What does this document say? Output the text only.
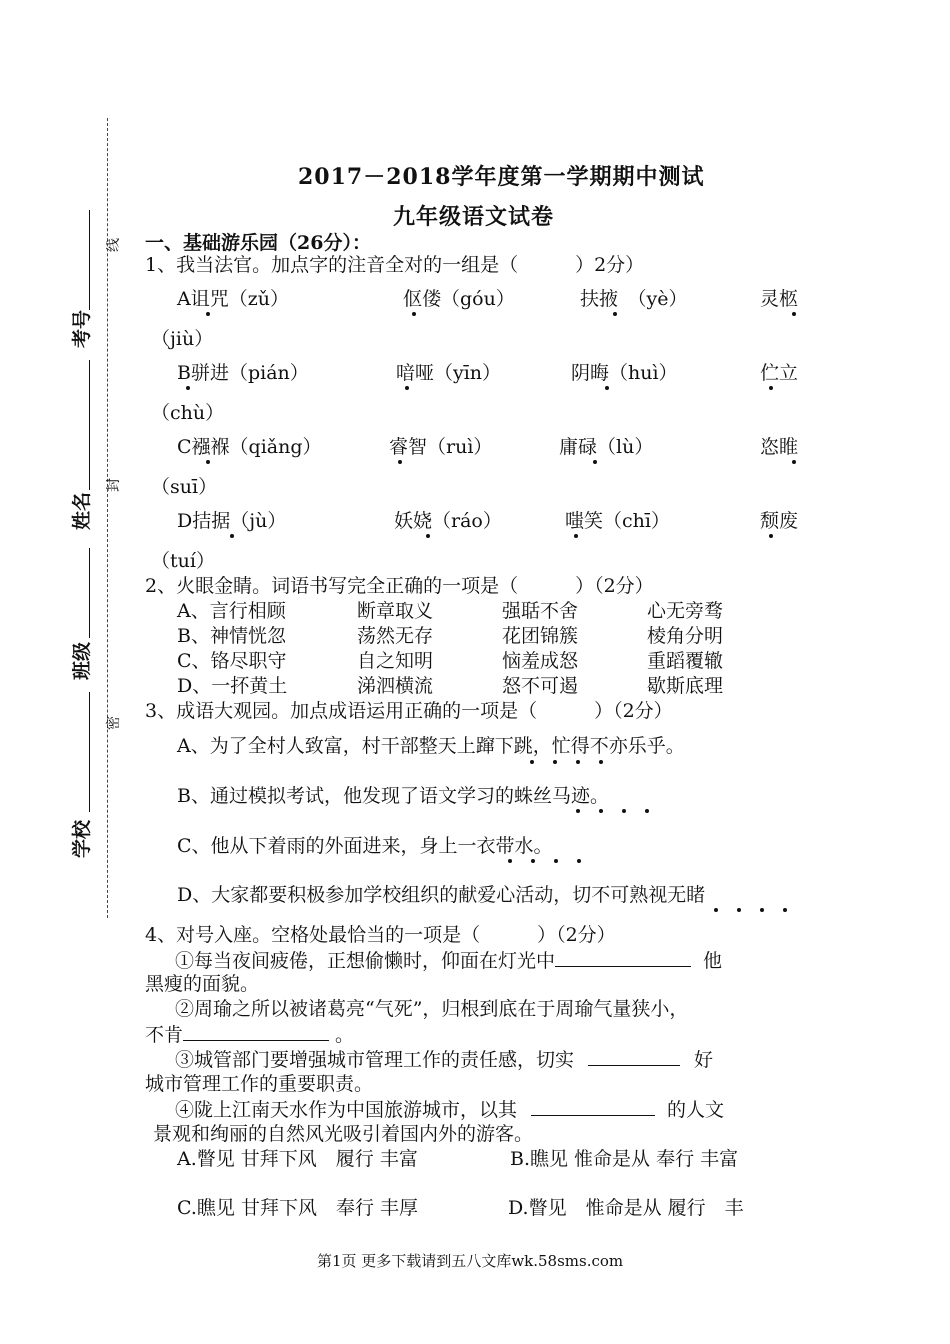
线
封
密
考号
姓名
班级
学校
2017－2018学年度第一学期期中测试
九年级语文试卷
一、基础游乐园（26分）：
1、我当法官。加点字的注音全对的一组是（　　　）2分）
A诅咒（zǔ）	伛偻（góu）	扶掖　（yè）	灵柩
（jiù）
B骈进（pián）	喑哑（yīn）	阴晦（huì）	伫立
（chù）
C襁褓（qiǎng）	睿智（ruì）	庸碌（lù）	恣睢
（suī）
D拮据（jù）	妖娆（ráo）	嗤笑（chī）	颓废
（tuí）
2、火眼金睛。词语书写完全正确的一项是（　　　）（2分）
A、言行相顾	断章取义	强聒不舍	心无旁骛
B、神情恍忽	荡然无存	花团锦簇	棱角分明
C、铬尽职守	自之知明	恼羞成怒	重蹈覆辙
D、一抔黄土	涕泗横流	怒不可遏	歇斯底理
3、成语大观园。加点成语运用正确的一项是（　　　）（2分）
A、为了全村人致富，村干部整天上蹿下跳，忙得不亦乐乎。
B、通过模拟考试，他发现了语文学习的蛛丝马迹。
C、他从下着雨的外面进来，身上一衣带水。
D、大家都要积极参加学校组织的献爱心活动，切不可熟视无睹
4、对号入座。空格处最恰当的一项是（　　　）（2分）
①每当夜间疲倦，正想偷懒时，仰面在灯光中	他
黑瘦的面貌。
②周瑜之所以被诸葛亮“气死”，归根到底在于周瑜气量狭小，
不肯	。
③城管部门要增强城市管理工作的责任感，切实	好
城市管理工作的重要职责。
④陇上江南天水作为中国旅游城市，以其	的人文
景观和绚丽的自然风光吸引着国内外的游客。
A.瞥见 甘拜下风　履行 丰富	B.瞧见 惟命是从 奉行 丰富
C.瞧见 甘拜下风　奉行 丰厚	D.瞥见　惟命是从 履行　丰
第1页 更多下载请到五八文库wk.58sms.com
